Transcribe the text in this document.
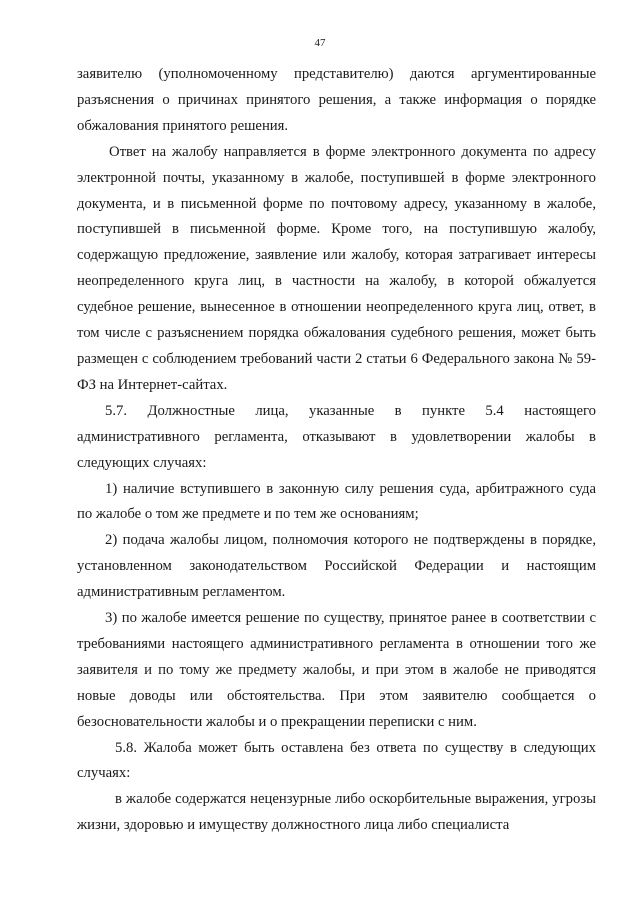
47

заявителю (уполномоченному представителю) даются аргументированные разъяснения о причинах принятого решения, а также информация о порядке обжалования принятого решения.

Ответ на жалобу направляется в форме электронного документа по адресу электронной почты, указанному в жалобе, поступившей в форме электронного документа, и в письменной форме по почтовому адресу, указанному в жалобе, поступившей в письменной форме. Кроме того, на поступившую жалобу, содержащую предложение, заявление или жалобу, которая затрагивает интересы неопределенного круга лиц, в частности на жалобу, в которой обжалуется судебное решение, вынесенное в отношении неопределенного круга лиц, ответ, в том числе с разъяснением порядка обжалования судебного решения, может быть размещен с соблюдением требований части 2 статьи 6 Федерального закона № 59-ФЗ на Интернет-сайтах.

5.7. Должностные лица, указанные в пункте 5.4 настоящего административного регламента, отказывают в удовлетворении жалобы в следующих случаях:

1) наличие вступившего в законную силу решения суда, арбитражного суда по жалобе о том же предмете и по тем же основаниям;

2) подача жалобы лицом, полномочия которого не подтверждены в порядке, установленном законодательством Российской Федерации и настоящим административным регламентом.

3) по жалобе имеется решение по существу, принятое ранее в соответствии с требованиями настоящего административного регламента в отношении того же заявителя и по тому же предмету жалобы, и при этом в жалобе не приводятся новые доводы или обстоятельства. При этом заявителю сообщается о безосновательности жалобы и о прекращении переписки с ним.

5.8. Жалоба может быть оставлена без ответа по существу в следующих случаях:

в жалобе содержатся нецензурные либо оскорбительные выражения, угрозы жизни, здоровью и имуществу должностного лица либо специалиста
